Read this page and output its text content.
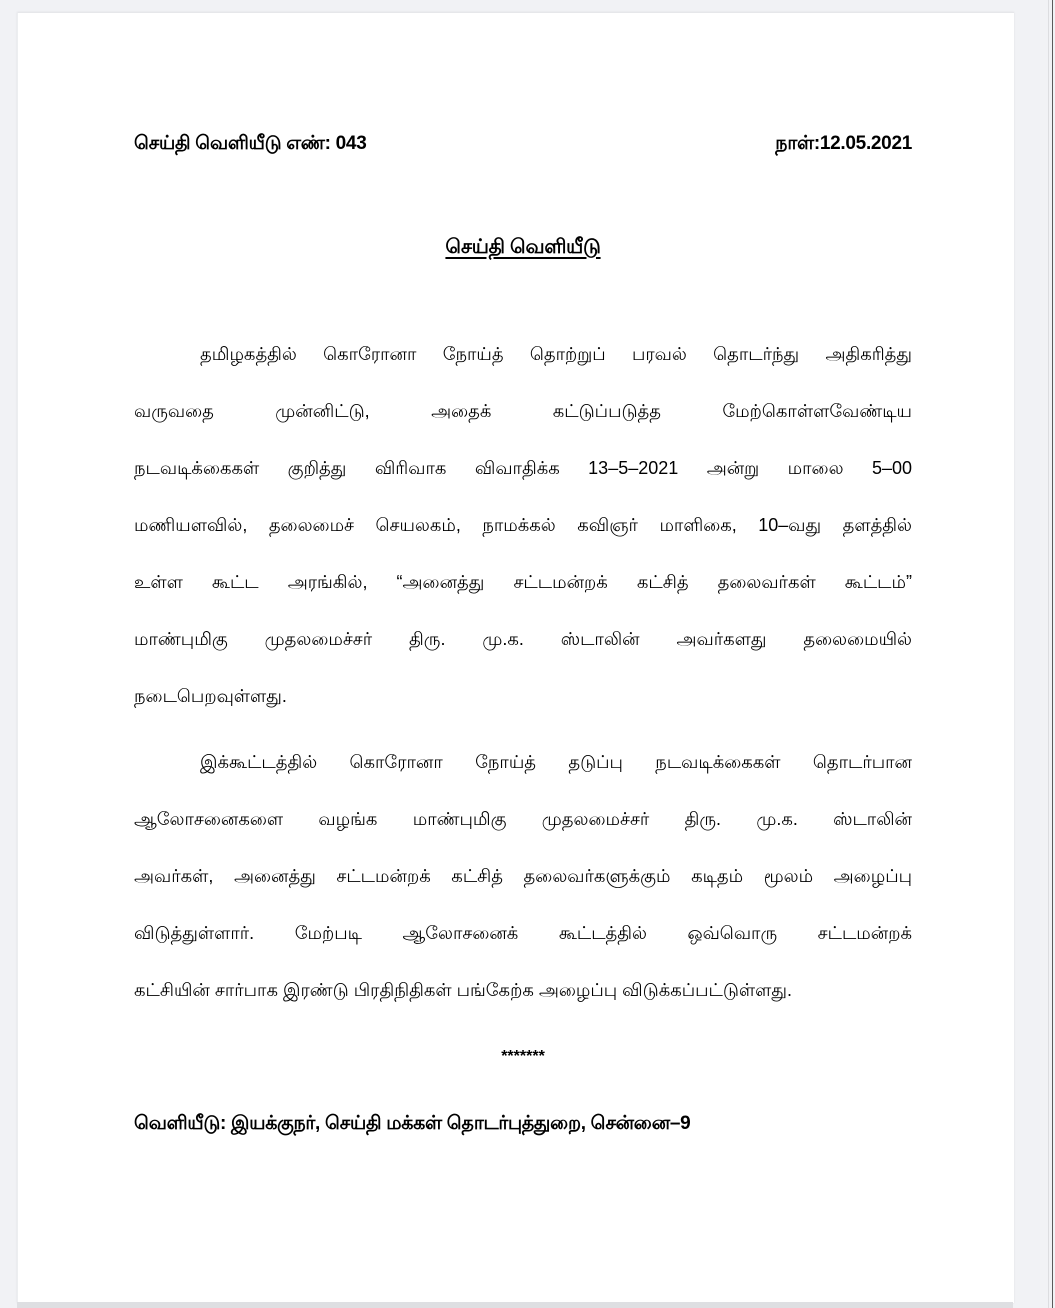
செய்தி வெளியீடு எண்: 043	நாள்:12.05.2021
செய்தி வெளியீடு
தமிழகத்தில் கொரோனா நோய்த் தொற்றுப் பரவல் தொடர்ந்து அதிகரித்து
வருவதை முன்னிட்டு, அதைக் கட்டுப்படுத்த மேற்கொள்ளவேண்டிய
நடவடிக்கைகள் குறித்து விரிவாக விவாதிக்க 13–5–2021 அன்று மாலை 5–00
மணியளவில், தலைமைச் செயலகம், நாமக்கல் கவிஞர் மாளிகை, 10–வது தளத்தில்
உள்ள கூட்ட அரங்கில், “அனைத்து சட்டமன்றக் கட்சித் தலைவர்கள் கூட்டம்”
மாண்புமிகு முதலமைச்சர் திரு. மு.க. ஸ்டாலின் அவர்களது தலைமையில்
நடைபெறவுள்ளது.
இக்கூட்டத்தில் கொரோனா நோய்த் தடுப்பு நடவடிக்கைகள் தொடர்பான
ஆலோசனைகளை வழங்க மாண்புமிகு முதலமைச்சர் திரு. மு.க. ஸ்டாலின்
அவர்கள், அனைத்து சட்டமன்றக் கட்சித் தலைவர்களுக்கும் கடிதம் மூலம் அழைப்பு
விடுத்துள்ளார். மேற்படி ஆலோசனைக் கூட்டத்தில் ஒவ்வொரு சட்டமன்றக்
கட்சியின் சார்பாக இரண்டு பிரதிநிதிகள் பங்கேற்க அழைப்பு விடுக்கப்பட்டுள்ளது.
*******
வெளியீடு: இயக்குநர், செய்தி மக்கள் தொடர்புத்துறை, சென்னை–9
